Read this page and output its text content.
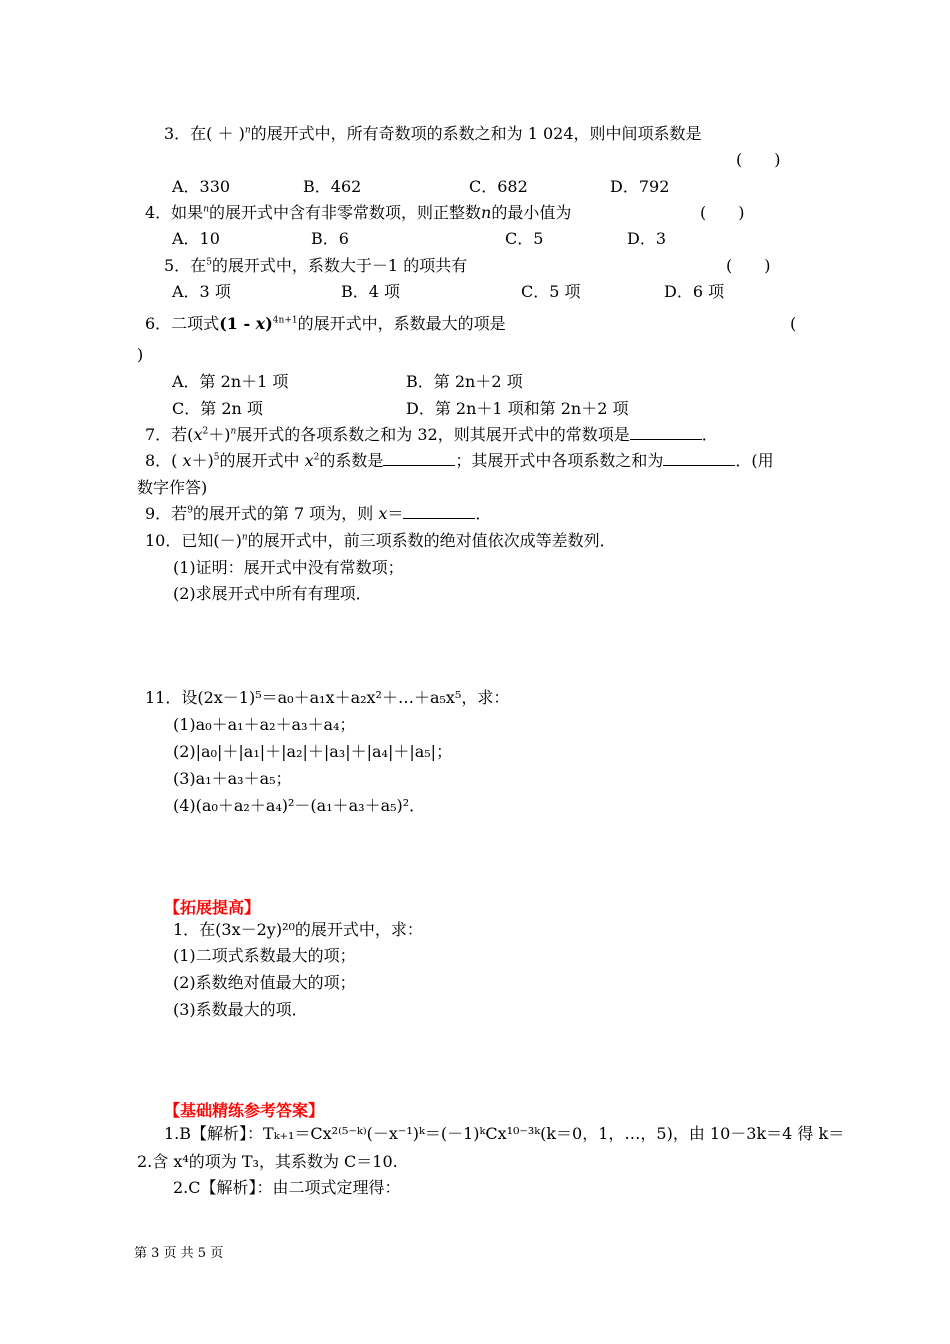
3．在( ＋ )$^n$的展开式中，所有奇数项的系数之和为 1 024，则中间项系数是
(　　)
A．330	B．462	C．682	D．792
4．如果$^n$的展开式中含有非零常数项，则正整数n的最小值为	(　　)
A．10	B．6	C．5	D．3
5．在$^5$的展开式中，系数大于－1 的项共有	(　　)
A．3 项	B．4 项	C．5 项	D．6 项
6．二项式(1 - x)$^{4n+1}$的展开式中，系数最大的项是	(
)
A．第 2n＋1 项	B．第 2n＋2 项
C．第 2n 项	D．第 2n＋1 项和第 2n＋2 项
7．若$(x^2+)^n$展开式的各项系数之和为 32，则其展开式中的常数项是	．
8．( x＋)$^5$的展开式中 $x^2$的系数是	；其展开式中各项系数之和为	．(用
数字作答)
9．若$^9$的展开式的第 7 项为，则 x＝	．
10．已知$(-)^n$的展开式中，前三项系数的绝对值依次成等差数列．
(1)证明：展开式中没有常数项；
(2)求展开式中所有有理项．
11．设(2x－1)⁵＝a₀＋a₁x＋a₂x²＋…＋a₅x⁵，求：
(1)a₀＋a₁＋a₂＋a₃＋a₄；
(2)|a₀|＋|a₁|＋|a₂|＋|a₃|＋|a₄|＋|a₅|；
(3)a₁＋a₃＋a₅；
(4)(a₀＋a₂＋a₄)²－(a₁＋a₃＋a₅)²．
【拓展提高】
1．在(3x－2y)²⁰的展开式中，求：
(1)二项式系数最大的项；
(2)系数绝对值最大的项；
(3)系数最大的项．
【基础精练参考答案】
1.B【解析】：Tₖ₊₁＝Cx²⁽⁵⁻ᵏ⁾(－x⁻¹)ᵏ＝(－1)ᵏCx¹⁰⁻³ᵏ(k＝0，1，…，5)，由 10－3k＝4 得 k＝
2.含 x⁴的项为 T₃，其系数为 C＝10.
2.C【解析】：由二项式定理得：
第 3 页 共 5 页
